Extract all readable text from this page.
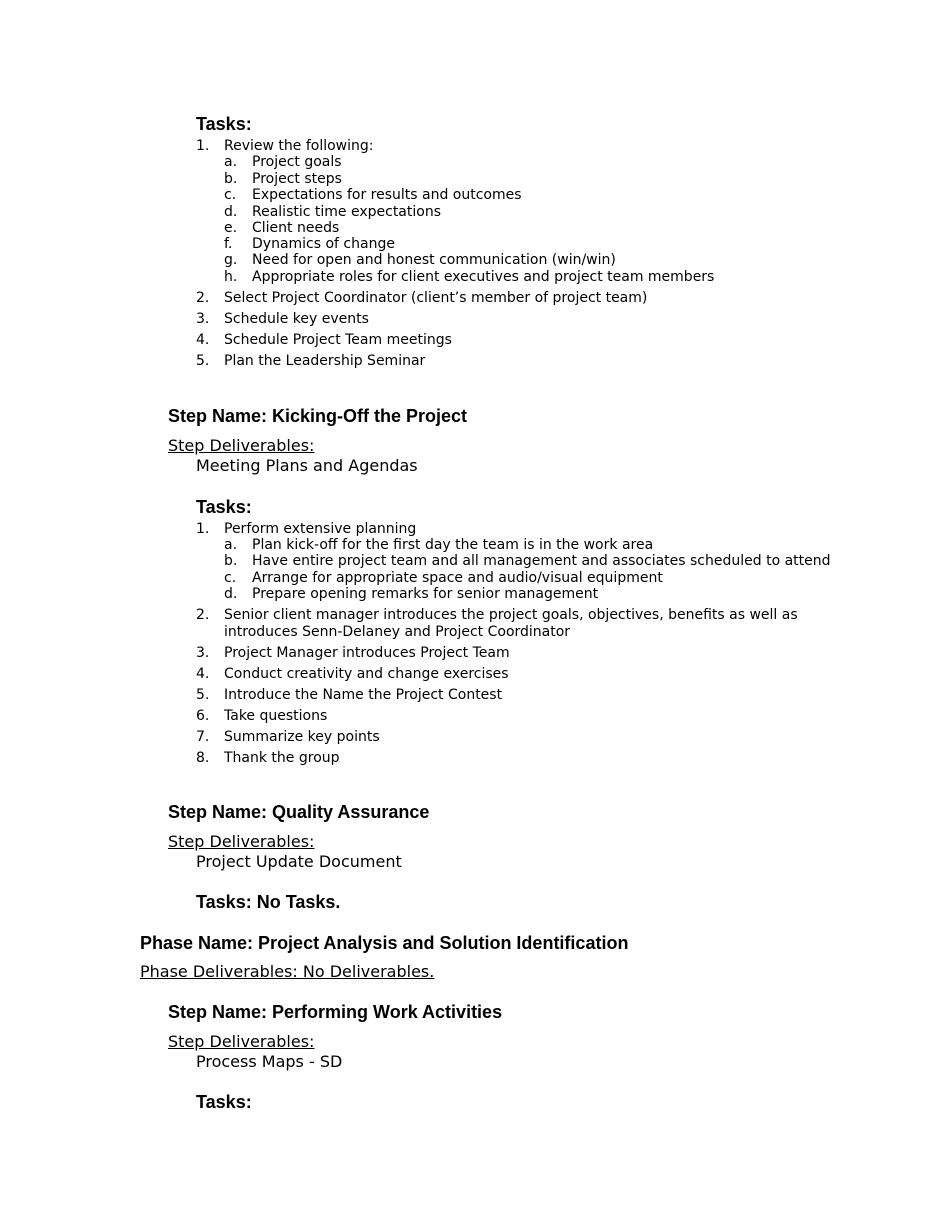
Tasks:
1.	Review the following:
a.	Project goals
b.	Project steps
c.	Expectations for results and outcomes
d.	Realistic time expectations
e.	Client needs
f.	Dynamics of change
g.	Need for open and honest communication (win/win)
h.	Appropriate roles for client executives and project team members
2.	Select Project Coordinator (client’s member of project team)
3.	Schedule key events
4.	Schedule Project Team meetings
5.	Plan the Leadership Seminar
Step Name: Kicking-Off the Project
Step Deliverables:
Meeting Plans and Agendas
Tasks:
1.	Perform extensive planning
a.	Plan kick-off for the first day the team is in the work area
b.	Have entire project team and all management and associates scheduled to attend
c.	Arrange for appropriate space and audio/visual equipment
d.	Prepare opening remarks for senior management
2.	Senior client manager introduces the project goals, objectives, benefits as well as
introduces Senn-Delaney and Project Coordinator
3.	Project Manager introduces Project Team
4.	Conduct creativity and change exercises
5.	Introduce the Name the Project Contest
6.	Take questions
7.	Summarize key points
8.	Thank the group
Step Name: Quality Assurance
Step Deliverables:
Project Update Document
Tasks: No Tasks.
Phase Name: Project Analysis and Solution Identification
Phase Deliverables: No Deliverables.
Step Name: Performing Work Activities
Step Deliverables:
Process Maps - SD
Tasks:
